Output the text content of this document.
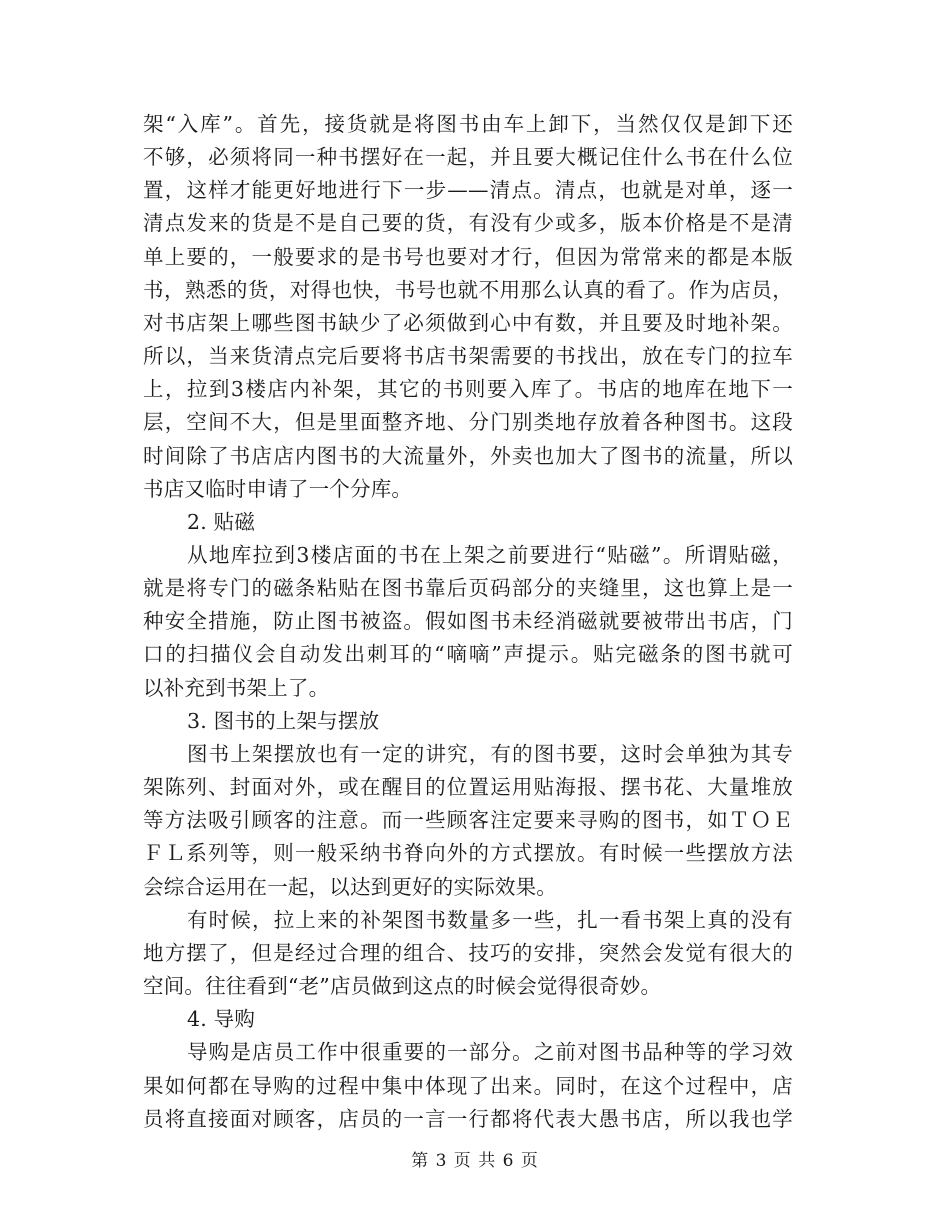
架“入库”。首先，接货就是将图书由车上卸下，当然仅仅是卸下还
不够，必须将同一种书摆好在一起，并且要大概记住什么书在什么位
置，这样才能更好地进行下一步——清点。清点，也就是对单，逐一
清点发来的货是不是自己要的货，有没有少或多，版本价格是不是清
单上要的，一般要求的是书号也要对才行，但因为常常来的都是本版
书，熟悉的货，对得也快，书号也就不用那么认真的看了。作为店员，
对书店架上哪些图书缺少了必须做到心中有数，并且要及时地补架。
所以，当来货清点完后要将书店书架需要的书找出，放在专门的拉车
上，拉到3楼店内补架，其它的书则要入库了。书店的地库在地下一
层，空间不大，但是里面整齐地、分门别类地存放着各种图书。这段
时间除了书店店内图书的大流量外，外卖也加大了图书的流量，所以
书店又临时申请了一个分库。
2. 贴磁
从地库拉到3楼店面的书在上架之前要进行“贴磁”。所谓贴磁，
就是将专门的磁条粘贴在图书靠后页码部分的夹缝里，这也算上是一
种安全措施，防止图书被盗。假如图书未经消磁就要被带出书店，门
口的扫描仪会自动发出刺耳的“嘀嘀”声提示。贴完磁条的图书就可
以补充到书架上了。
3. 图书的上架与摆放
图书上架摆放也有一定的讲究，有的图书要，这时会单独为其专
架陈列、封面对外，或在醒目的位置运用贴海报、摆书花、大量堆放
等方法吸引顾客的注意。而一些顾客注定要来寻购的图书，如ＴＯＥ
ＦＬ系列等，则一般采纳书脊向外的方式摆放。有时候一些摆放方法
会综合运用在一起，以达到更好的实际效果。
有时候，拉上来的补架图书数量多一些，扎一看书架上真的没有
地方摆了，但是经过合理的组合、技巧的安排，突然会发觉有很大的
空间。往往看到“老”店员做到这点的时候会觉得很奇妙。
4. 导购
导购是店员工作中很重要的一部分。之前对图书品种等的学习效
果如何都在导购的过程中集中体现了出来。同时，在这个过程中，店
员将直接面对顾客，店员的一言一行都将代表大愚书店，所以我也学
第 3 页 共 6 页
